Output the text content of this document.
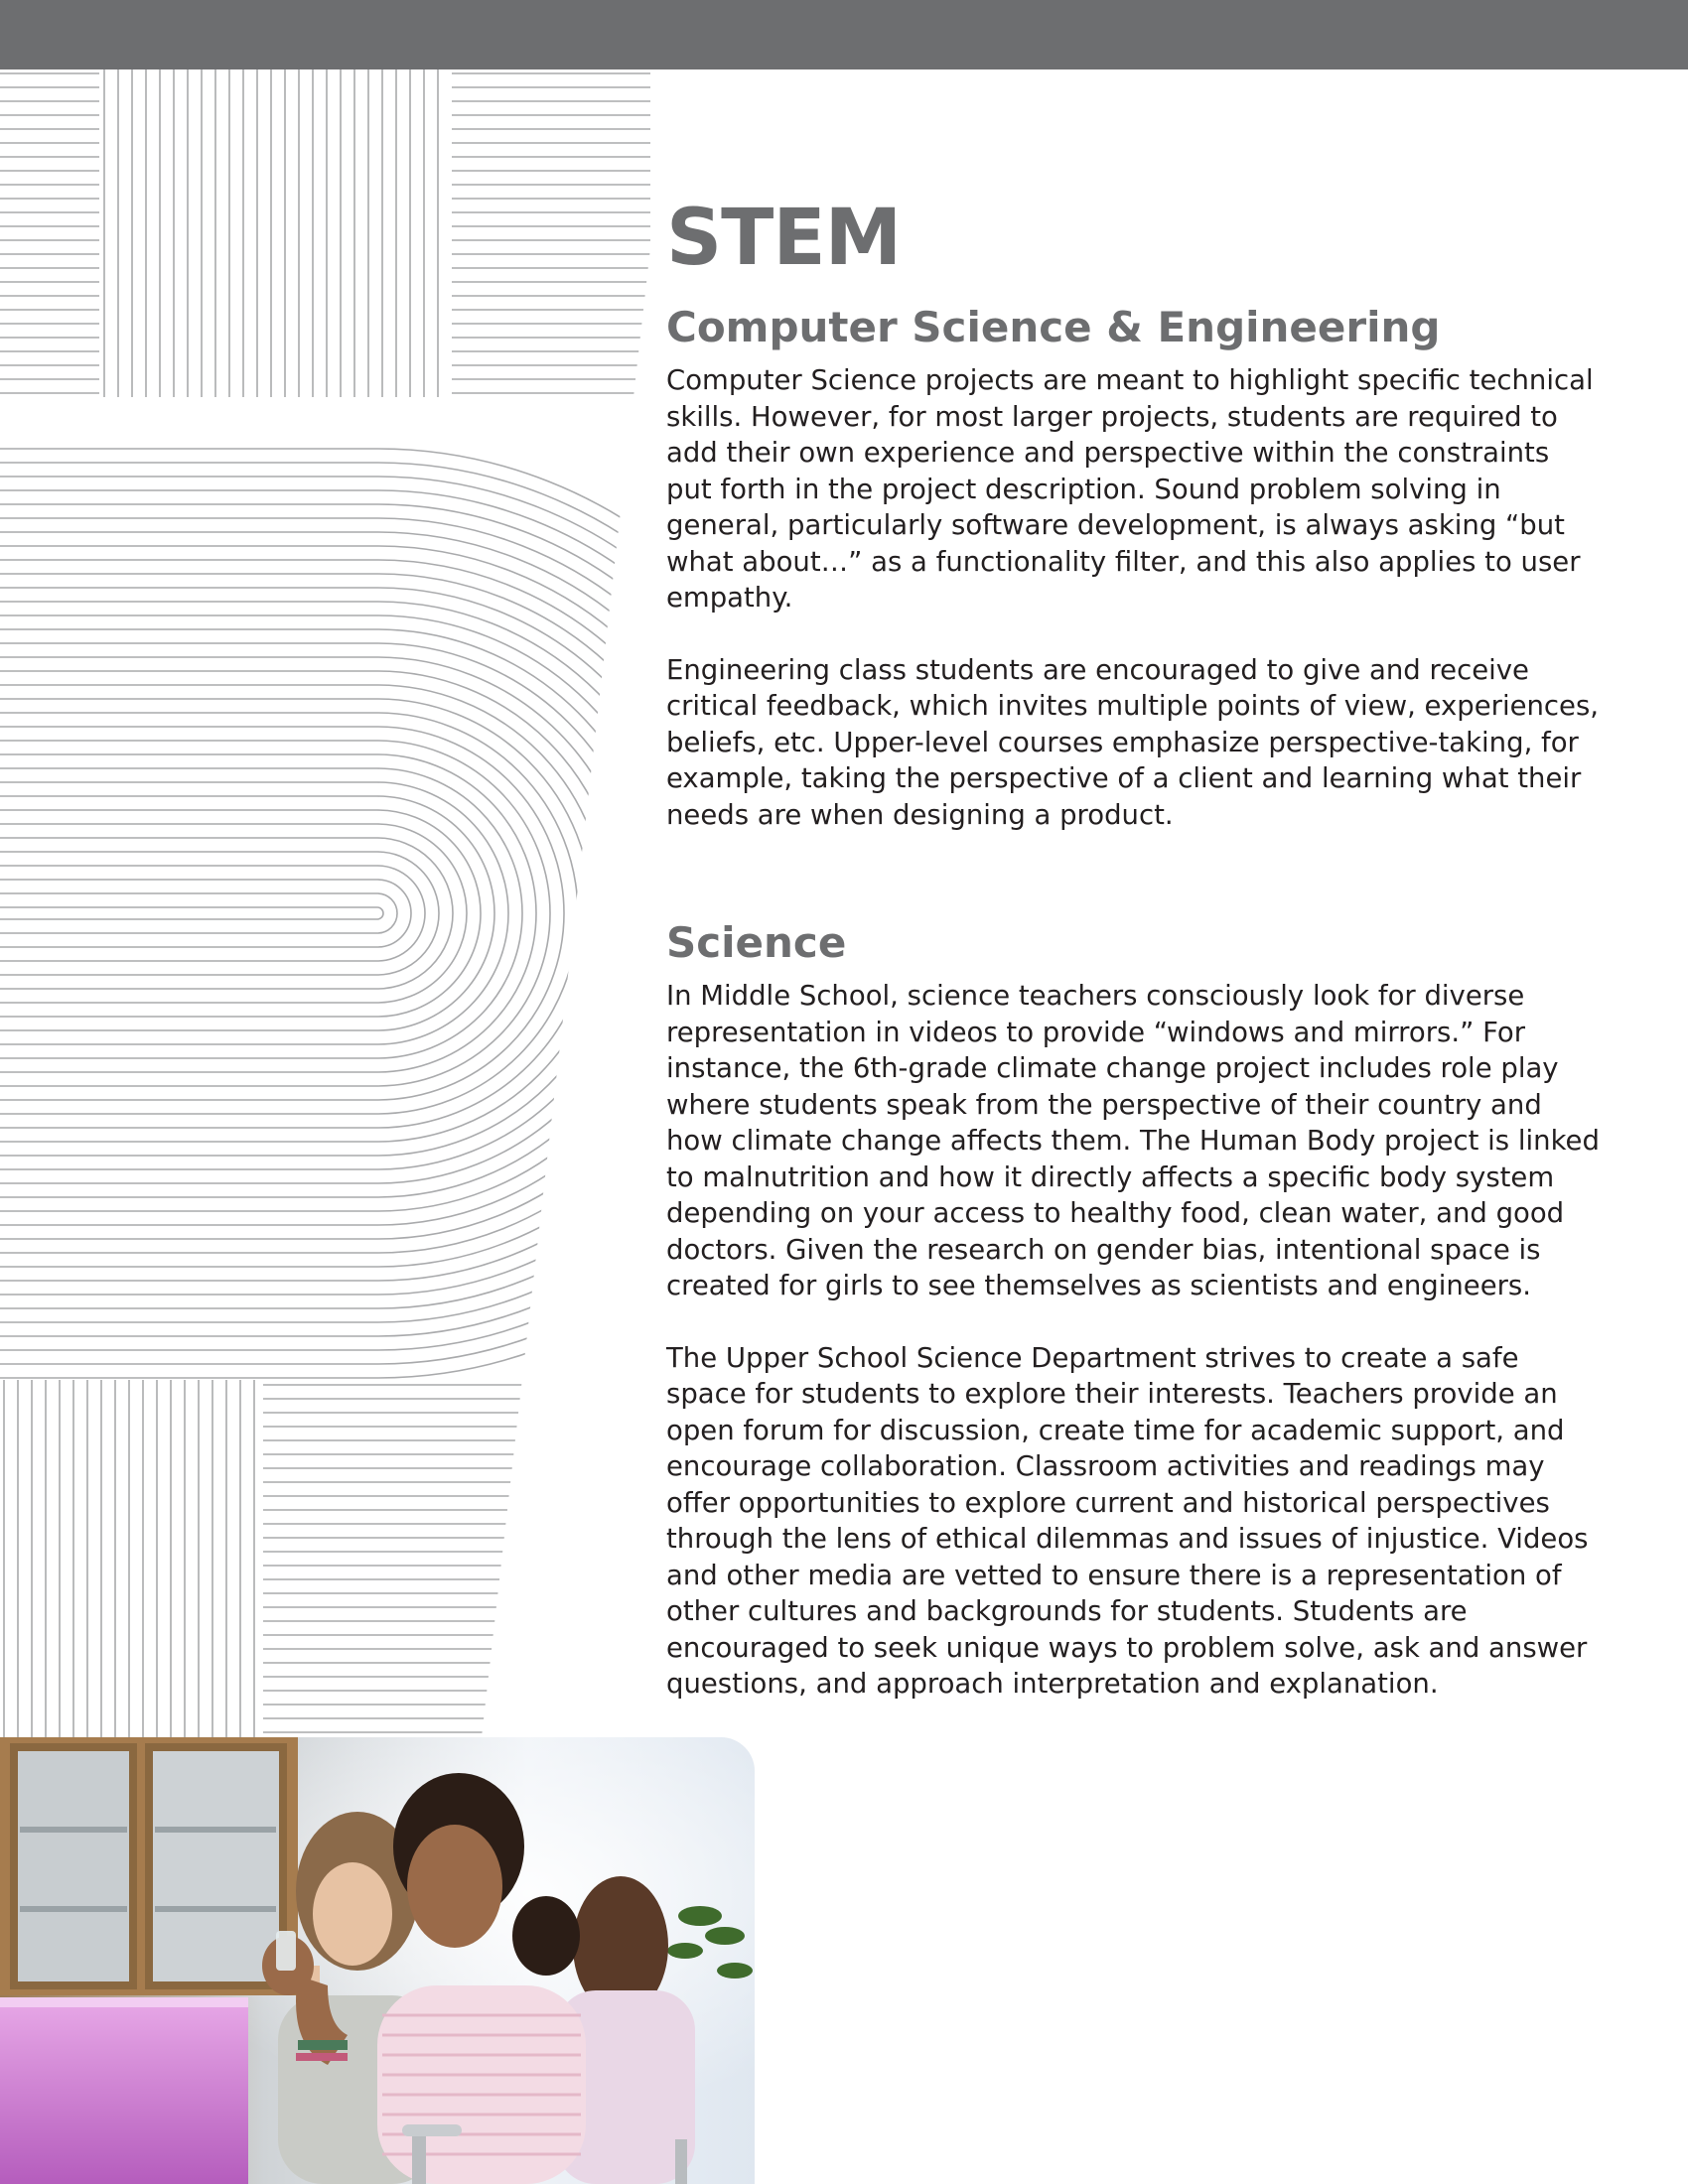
STEM
Computer Science & Engineering

Computer Science projects are meant to highlight specific technical skills. However, for most larger projects, students are required to add their own experience and perspective within the constraints put forth in the project description. Sound problem solving in general, particularly software development, is always asking “but what about…” as a functionality filter, and this also applies to user empathy.

Engineering class students are encouraged to give and receive critical feedback, which invites multiple points of view, experiences, beliefs, etc. Upper-level courses emphasize perspective-taking, for example, taking the perspective of a client and learning what their needs are when designing a product.

Science

In Middle School, science teachers consciously look for diverse representation in videos to provide “windows and mirrors.” For instance, the 6th-grade climate change project includes role play where students speak from the perspective of their country and how climate change affects them. The Human Body project is linked to malnutrition and how it directly affects a specific body system depending on your access to healthy food, clean water, and good doctors. Given the research on gender bias, intentional space is created for girls to see themselves as scientists and engineers.

The Upper School Science Department strives to create a safe space for students to explore their interests. Teachers provide an open forum for discussion, create time for academic support, and encourage collaboration. Classroom activities and readings may offer opportunities to explore current and historical perspectives through the lens of ethical dilemmas and issues of injustice. Videos and other media are vetted to ensure there is a representation of other cultures and backgrounds for students. Students are encouraged to seek unique ways to problem solve, ask and answer questions, and approach interpretation and explanation.
